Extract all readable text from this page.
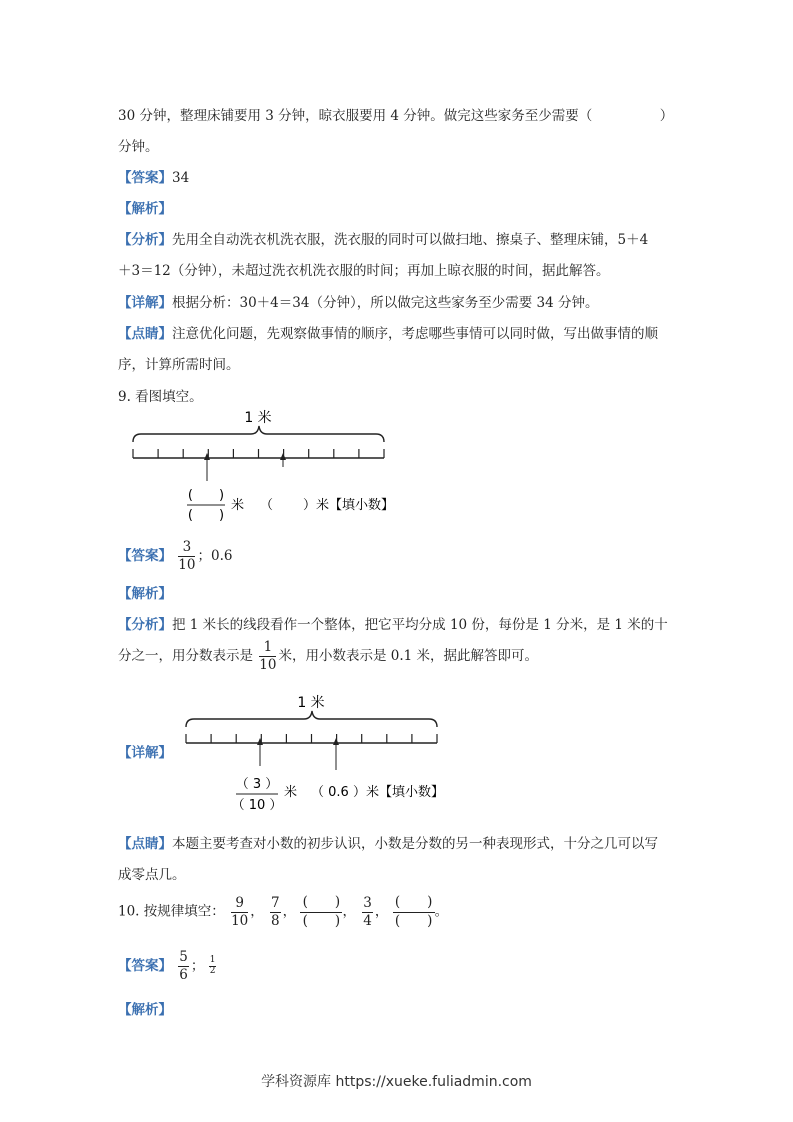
30 分钟，整理床铺要用 3 分钟，晾衣服要用 4 分钟。做完这些家务至少需要（　　　　　）
分钟。
【答案】34
【解析】
【分析】先用全自动洗衣机洗衣服，洗衣服的同时可以做扫地、擦桌子、整理床铺，5＋4
＋3＝12（分钟），未超过洗衣机洗衣服的时间；再加上晾衣服的时间，据此解答。
【详解】根据分析：30＋4＝34（分钟），所以做完这些家务至少需要 34 分钟。
【点睛】注意优化问题，先观察做事情的顺序，考虑哪些事情可以同时做，写出做事情的顺
序，计算所需时间。
9. 看图填空。
1 米
(　　)
(　　)
米 （ ）米【填小数】
【答案】 $\frac{3}{10}$ ；0.6
【解析】
【分析】把 1 米长的线段看作一个整体，把它平均分成 10 份，每份是 1 分米，是 1 米的十
分之一，用分数表示是 $\frac{1}{10}$ 米，用小数表示是 0.1 米，据此解答即可。
【详解】
1 米
（ 3 ）
（ 10 ）
米 （ 0.6 ）米【填小数】
【点睛】本题主要考查对小数的初步认识，小数是分数的另一种表现形式，十分之几可以写
成零点几。
10. 按规律填空： $\frac{9}{10}$ ， $\frac{7}{8}$ ， $\frac{( )}{( )}$ ， $\frac{3}{4}$ ， $\frac{( )}{( )}$ 。
【答案】 $\frac{5}{6}$ ； $\frac{1}{2}$
【解析】
学科资源库 https://xueke.fuliadmin.com
